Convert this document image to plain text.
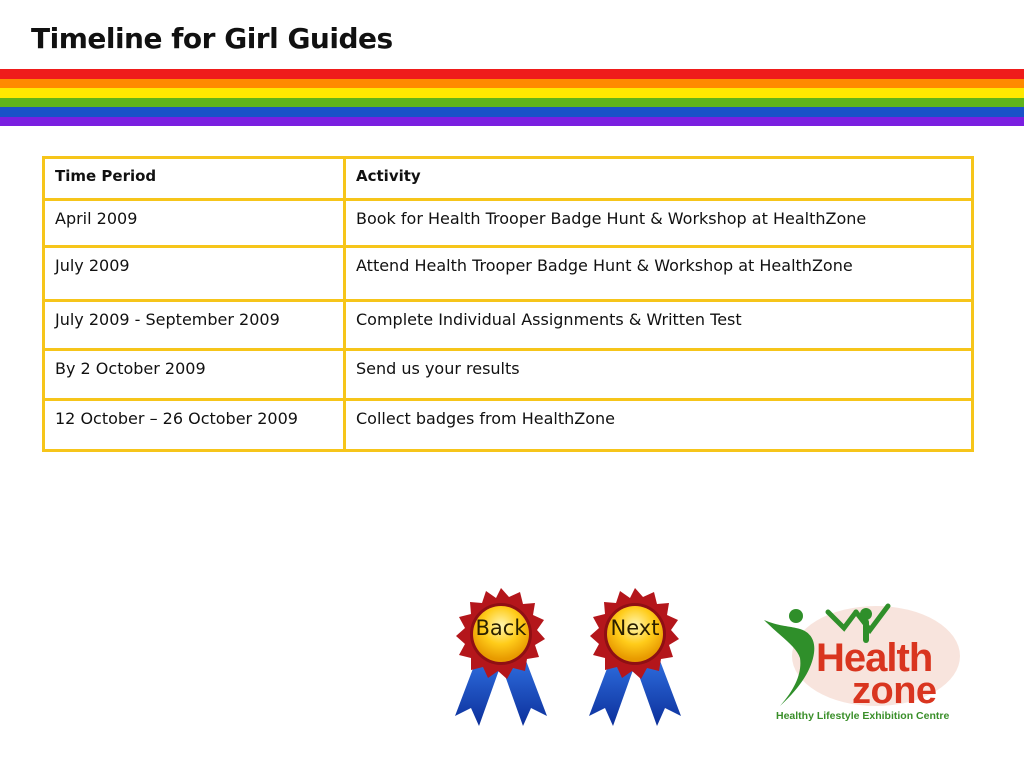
Timeline for Girl Guides
Time Period	Activity
April 2009	Book for Health Trooper Badge Hunt & Workshop at HealthZone
July 2009	Attend Health Trooper Badge Hunt & Workshop at HealthZone
July 2009 - September 2009	Complete Individual Assignments & Written Test
By 2 October 2009	Send us your results
12 October – 26 October 2009	Collect badges from HealthZone
Back	Next
Health
zone
Healthy Lifestyle Exhibition Centre
